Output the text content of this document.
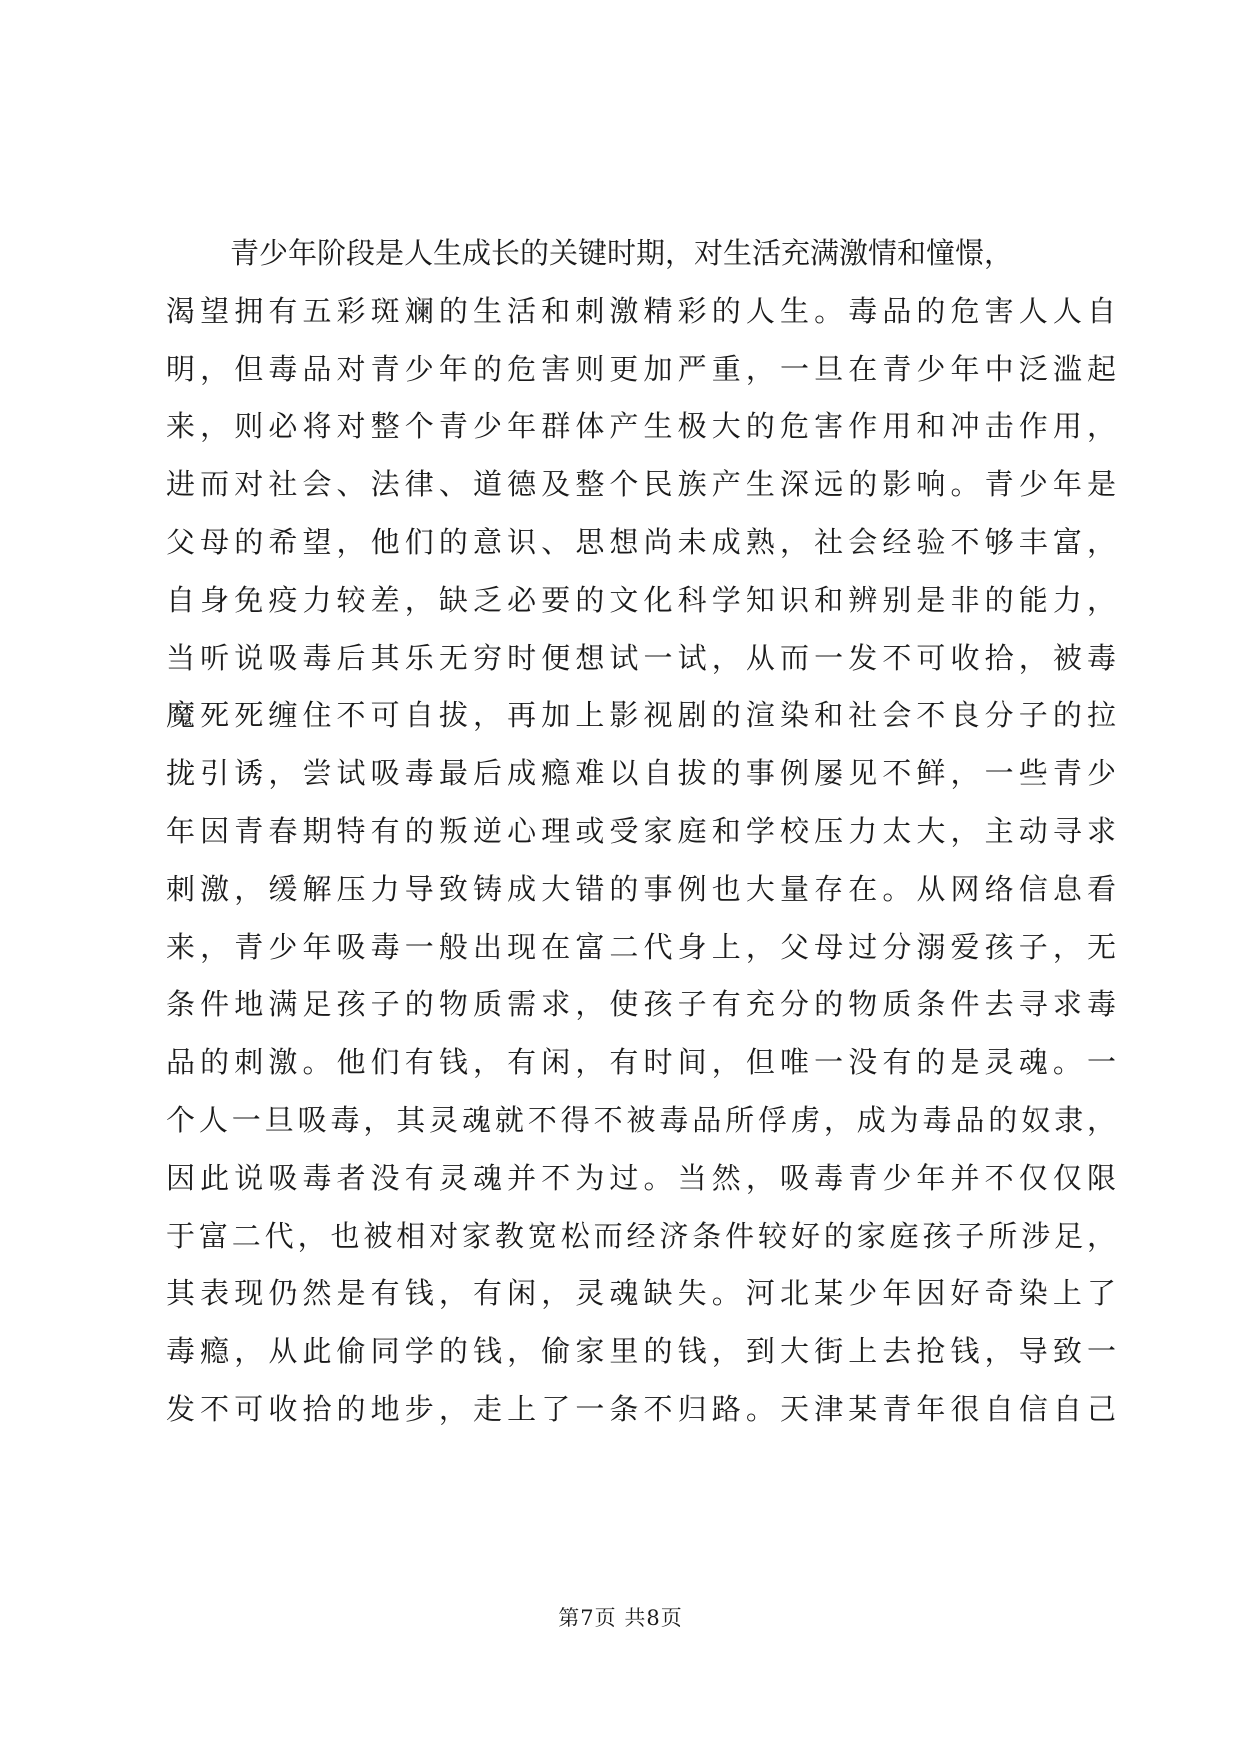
青少年阶段是人生成长的关键时期，对生活充满激情和憧憬，
渴望拥有五彩斑斓的生活和刺激精彩的人生。毒品的危害人人自
明，但毒品对青少年的危害则更加严重，一旦在青少年中泛滥起
来，则必将对整个青少年群体产生极大的危害作用和冲击作用，
进而对社会、法律、道德及整个民族产生深远的影响。青少年是
父母的希望，他们的意识、思想尚未成熟，社会经验不够丰富，
自身免疫力较差，缺乏必要的文化科学知识和辨别是非的能力，
当听说吸毒后其乐无穷时便想试一试，从而一发不可收拾，被毒
魔死死缠住不可自拔，再加上影视剧的渲染和社会不良分子的拉
拢引诱，尝试吸毒最后成瘾难以自拔的事例屡见不鲜，一些青少
年因青春期特有的叛逆心理或受家庭和学校压力太大，主动寻求
刺激，缓解压力导致铸成大错的事例也大量存在。从网络信息看
来，青少年吸毒一般出现在富二代身上，父母过分溺爱孩子，无
条件地满足孩子的物质需求，使孩子有充分的物质条件去寻求毒
品的刺激。他们有钱，有闲，有时间，但唯一没有的是灵魂。一
个人一旦吸毒，其灵魂就不得不被毒品所俘虏，成为毒品的奴隶，
因此说吸毒者没有灵魂并不为过。当然，吸毒青少年并不仅仅限
于富二代，也被相对家教宽松而经济条件较好的家庭孩子所涉足，
其表现仍然是有钱，有闲，灵魂缺失。河北某少年因好奇染上了
毒瘾，从此偷同学的钱，偷家里的钱，到大街上去抢钱，导致一
发不可收拾的地步，走上了一条不归路。天津某青年很自信自己
第7页 共8页
